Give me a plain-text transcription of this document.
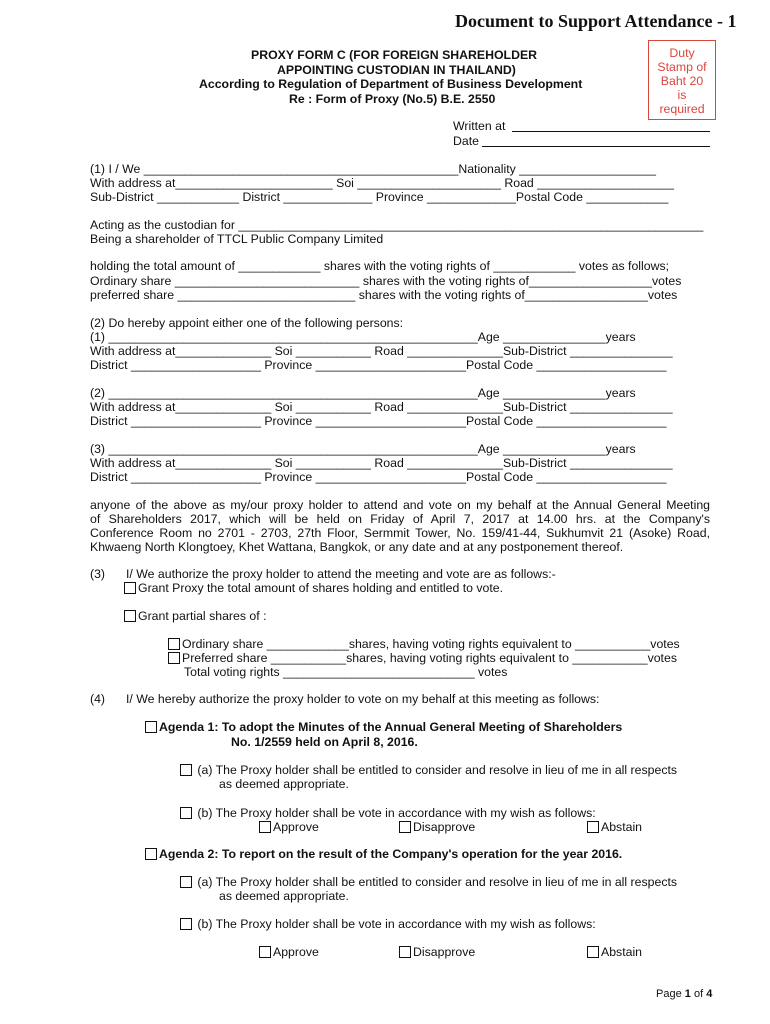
Document to Support Attendance - 1
PROXY FORM C (FOR FOREIGN SHAREHOLDER
APPOINTING CUSTODIAN IN THAILAND)
According to Regulation of Department of Business Development
Re : Form of Proxy (No.5) B.E. 2550
Duty
Stamp of
Baht 20
is
required
Written at
Date
(1) I / We ______________________________________________Nationality ____________________
With address at_______________________ Soi _____________________ Road ____________________
Sub-District ____________ District _____________ Province _____________Postal Code ____________
Acting as the custodian for ____________________________________________________________________
Being a shareholder of TTCL Public Company Limited
holding the total amount of ____________ shares with the voting rights of ____________ votes as follows;
Ordinary share ___________________________ shares with the voting rights of__________________votes
preferred share __________________________ shares with the voting rights of__________________votes
(2) Do hereby appoint either one of the following persons:
(1) ______________________________________________________Age _______________years
With address at______________ Soi ___________ Road ______________Sub-District _______________
District ___________________ Province ______________________Postal Code ___________________
(2) ______________________________________________________Age _______________years
With address at______________ Soi ___________ Road ______________Sub-District _______________
District ___________________ Province ______________________Postal Code ___________________
(3) ______________________________________________________Age _______________years
With address at______________ Soi ___________ Road ______________Sub-District _______________
District ___________________ Province ______________________Postal Code ___________________
anyone of the above as my/our proxy holder to attend and vote on my behalf at the Annual General Meeting
of Shareholders 2017, which will be held on Friday of April 7, 2017 at 14.00 hrs. at the Company's
Conference Room no 2701 - 2703, 27th Floor, Sermmit Tower, No. 159/41-44, Sukhumvit 21 (Asoke) Road,
Khwaeng North Klongtoey, Khet Wattana, Bangkok, or any date and at any postponement thereof.
(3) I/ We authorize the proxy holder to attend the meeting and vote are as follows:-
Grant Proxy the total amount of shares holding and entitled to vote.
Grant partial shares of :
Ordinary share ____________shares, having voting rights equivalent to ___________votes
Preferred share ___________shares, having voting rights equivalent to ___________votes
Total voting rights ____________________________ votes
(4) I/ We hereby authorize the proxy holder to vote on my behalf at this meeting as follows:
Agenda 1: To adopt the Minutes of the Annual General Meeting of Shareholders
No. 1/2559 held on April 8, 2016.
(a) The Proxy holder shall be entitled to consider and resolve in lieu of me in all respects
as deemed appropriate.
(b) The Proxy holder shall be vote in accordance with my wish as follows:
Approve	Disapprove	Abstain
Agenda 2: To report on the result of the Company's operation for the year 2016.
(a) The Proxy holder shall be entitled to consider and resolve in lieu of me in all respects
as deemed appropriate.
(b) The Proxy holder shall be vote in accordance with my wish as follows:
Approve	Disapprove	Abstain
Page 1 of 4
